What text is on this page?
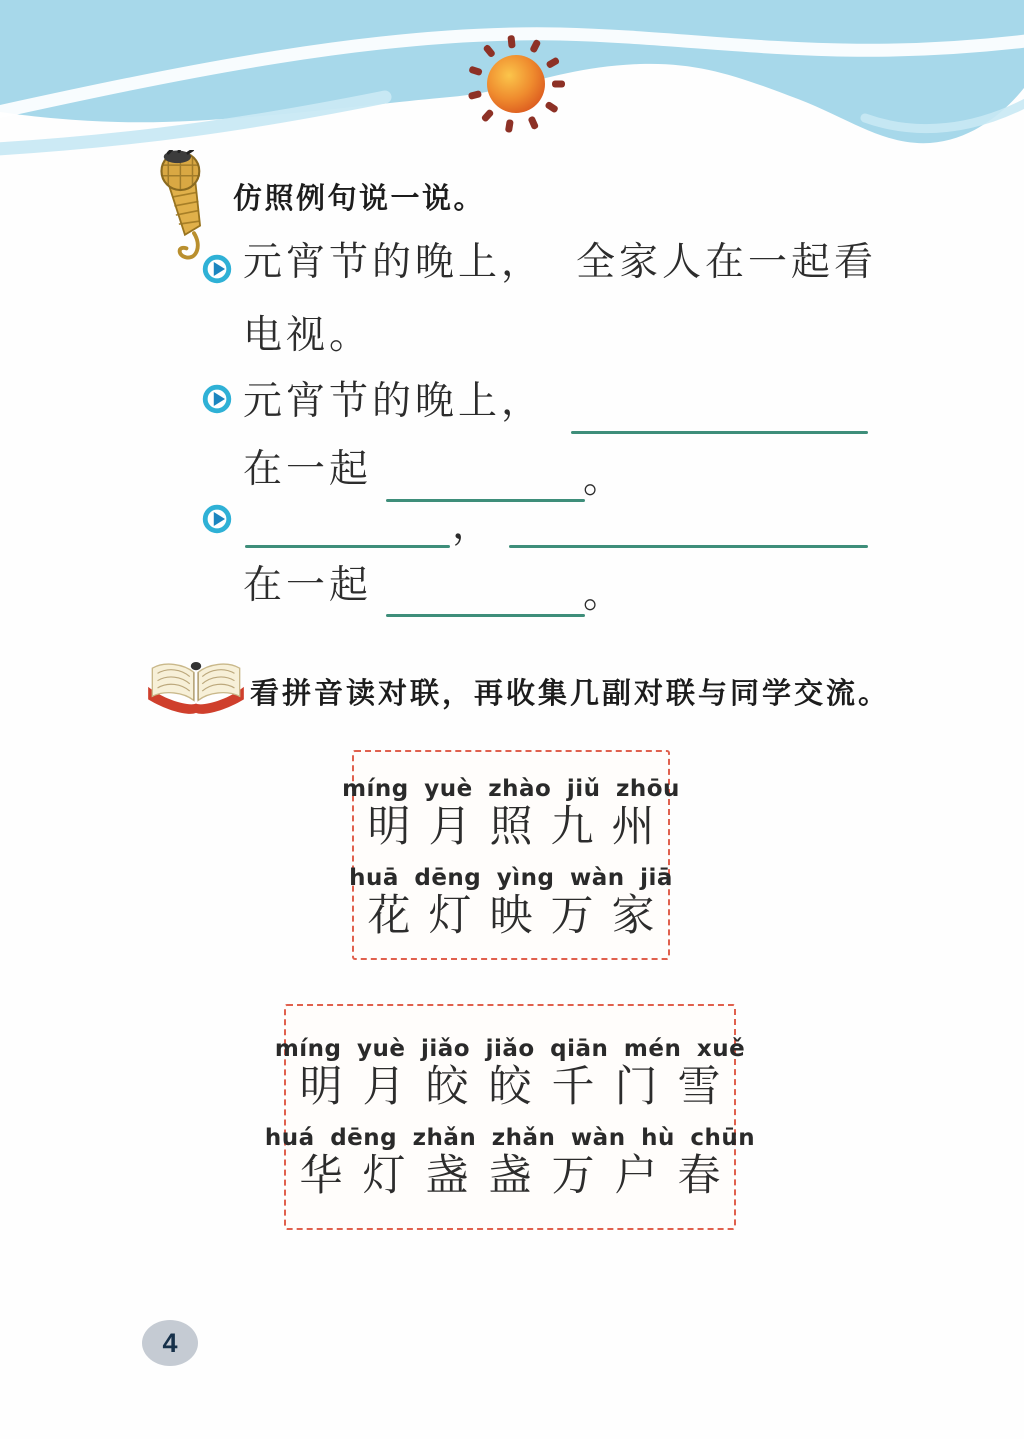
仿照例句说一说。
元宵节的晚上， 全家人在一起看
电视。
元宵节的晚上，
在一起	。
，
在一起	。
看拼音读对联，再收集几副对联与同学交流。

míng yuè zhào jiǔ zhōu

明月照九州

huā dēng yìng wàn jiā

花灯映万家

míng yuè jiǎo jiǎo qiān mén xuě

明月皎皎千门雪

huá dēng zhǎn zhǎn wàn hù chūn

华灯盏盏万户春

4
